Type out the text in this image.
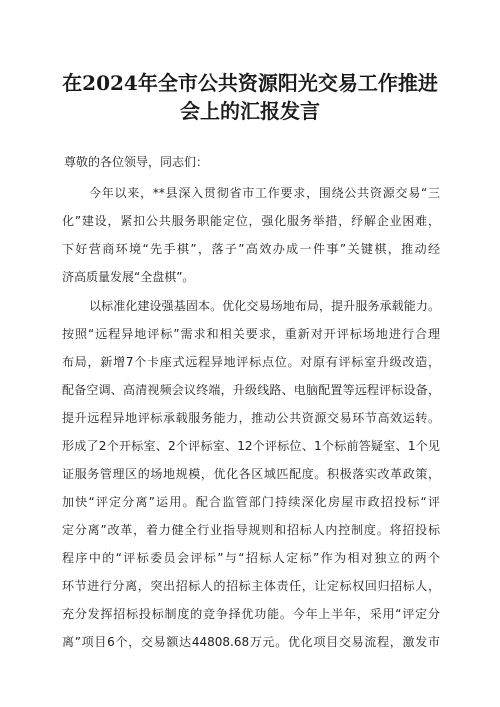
在2024年全市公共资源阳光交易工作推进
会上的汇报发言
尊敬的各位领导，同志们：
今年以来，**县深入贯彻省市工作要求，围绕公共资源交易“三
化”建设，紧扣公共服务职能定位，强化服务举措，纾解企业困难，
下好营商环境“先手棋”，落子”高效办成一件事”关键棋，推动经
济高质量发展“全盘棋”。
以标准化建设强基固本。优化交易场地布局，提升服务承载能力。
按照“远程异地评标”需求和相关要求，重新对开评标场地进行合理
布局，新增7个卡座式远程异地评标点位。对原有评标室升级改造，
配备空调、高清视频会议终端，升级线路、电脑配置等远程评标设备，
提升远程异地评标承载服务能力，推动公共资源交易环节高效运转。
形成了2个开标室、2个评标室、12个评标位、1个标前答疑室、1个见
证服务管理区的场地规模，优化各区域匹配度。积极落实改革政策，
加快“评定分离”运用。配合监管部门持续深化房屋市政招投标“评
定分离”改革，着力健全行业指导规则和招标人内控制度。将招投标
程序中的“评标委员会评标”与“招标人定标”作为相对独立的两个
环节进行分离，突出招标人的招标主体责任，让定标权回归招标人，
充分发挥招标投标制度的竞争择优功能。今年上半年，采用“评定分
离”项目6个，交易额达44808.68万元。优化项目交易流程，激发市
